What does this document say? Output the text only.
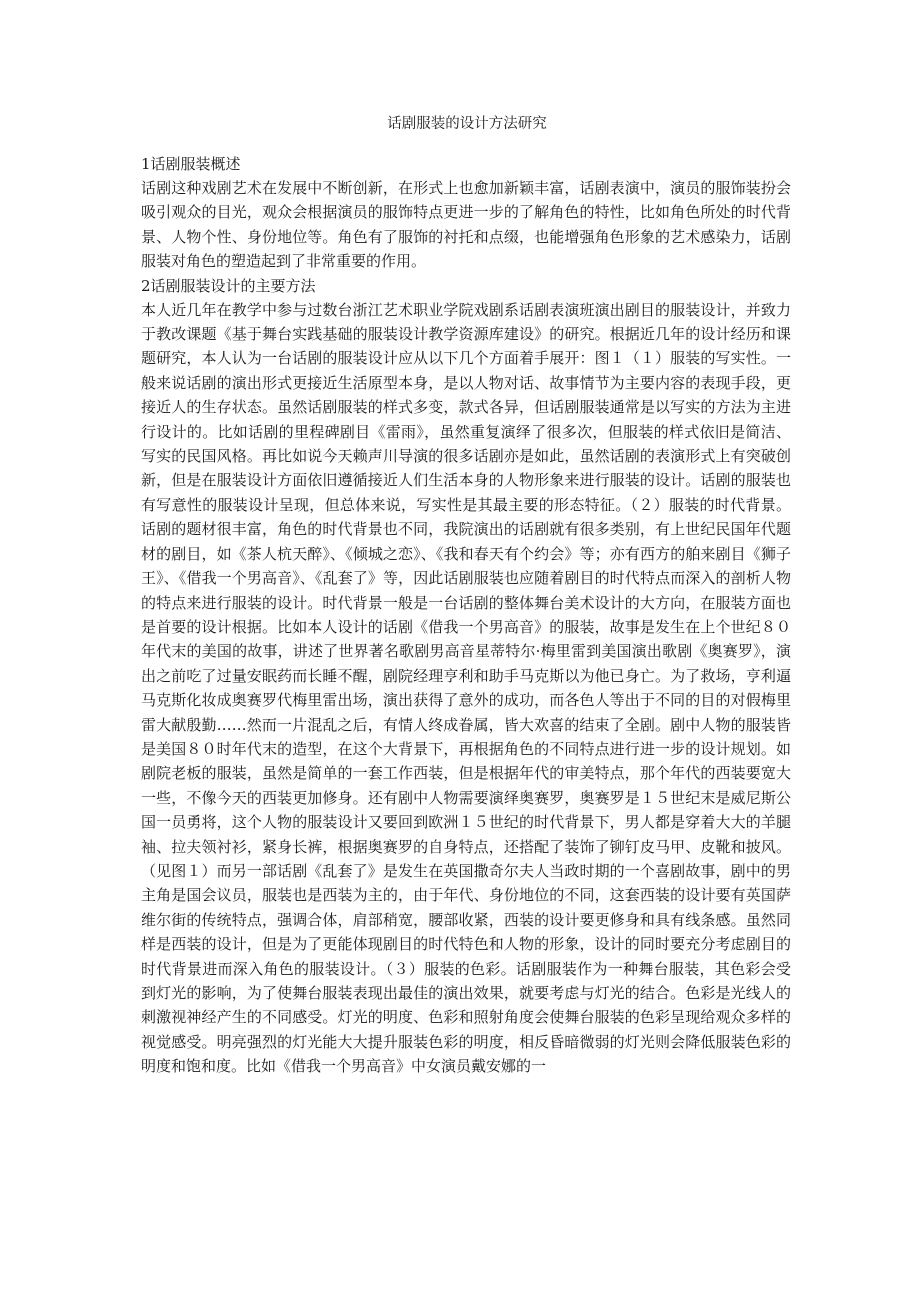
话剧服装的设计方法研究
1话剧服装概述

话剧这种戏剧艺术在发展中不断创新，在形式上也愈加新颖丰富，话剧表演中，演员的服饰装扮会吸引观众的目光，观众会根据演员的服饰特点更进一步的了解角色的特性，比如角色所处的时代背景、人物个性、身份地位等。角色有了服饰的衬托和点缀，也能增强角色形象的艺术感染力，话剧服装对角色的塑造起到了非常重要的作用。

2话剧服装设计的主要方法

本人近几年在教学中参与过数台浙江艺术职业学院戏剧系话剧表演班演出剧目的服装设计，并致力于教改课题《基于舞台实践基础的服装设计教学资源库建设》的研究。根据近几年的设计经历和课题研究，本人认为一台话剧的服装设计应从以下几个方面着手展开：图１（１）服装的写实性。一般来说话剧的演出形式更接近生活原型本身，是以人物对话、故事情节为主要内容的表现手段，更接近人的生存状态。虽然话剧服装的样式多变，款式各异，但话剧服装通常是以写实的方法为主进行设计的。比如话剧的里程碑剧目《雷雨》，虽然重复演绎了很多次，但服装的样式依旧是简洁、写实的民国风格。再比如说今天赖声川导演的很多话剧亦是如此，虽然话剧的表演形式上有突破创新，但是在服装设计方面依旧遵循接近人们生活本身的人物形象来进行服装的设计。话剧的服装也有写意性的服装设计呈现，但总体来说，写实性是其最主要的形态特征。（２）服装的时代背景。话剧的题材很丰富，角色的时代背景也不同，我院演出的话剧就有很多类别，有上世纪民国年代题材的剧目，如《茶人杭天醉》、《倾城之恋》、《我和春天有个约会》等；亦有西方的舶来剧目《狮子王》、《借我一个男高音》、《乱套了》等，因此话剧服装也应随着剧目的时代特点而深入的剖析人物的特点来进行服装的设计。时代背景一般是一台话剧的整体舞台美术设计的大方向，在服装方面也是首要的设计根据。比如本人设计的话剧《借我一个男高音》的服装，故事是发生在上个世纪８０年代末的美国的故事，讲述了世界著名歌剧男高音星蒂特尔·梅里雷到美国演出歌剧《奥赛罗》，演出之前吃了过量安眠药而长睡不醒，剧院经理亨利和助手马克斯以为他已身亡。为了救场，亨利逼马克斯化妆成奥赛罗代梅里雷出场，演出获得了意外的成功，而各色人等出于不同的目的对假梅里雷大献殷勤……然而一片混乱之后，有情人终成眷属，皆大欢喜的结束了全剧。剧中人物的服装皆是美国８０时年代末的造型，在这个大背景下，再根据角色的不同特点进行进一步的设计规划。如剧院老板的服装，虽然是简单的一套工作西装，但是根据年代的审美特点，那个年代的西装要宽大一些，不像今天的西装更加修身。还有剧中人物需要演绎奥赛罗，奥赛罗是１５世纪末是威尼斯公国一员勇将，这个人物的服装设计又要回到欧洲１５世纪的时代背景下，男人都是穿着大大的羊腿袖、拉夫领衬衫，紧身长裤，根据奥赛罗的自身特点，还搭配了装饰了铆钉皮马甲、皮靴和披风。（见图１）而另一部话剧《乱套了》是发生在英国撒奇尔夫人当政时期的一个喜剧故事，剧中的男主角是国会议员，服装也是西装为主的，由于年代、身份地位的不同，这套西装的设计要有英国萨维尔街的传统特点，强调合体，肩部稍宽，腰部收紧，西装的设计要更修身和具有线条感。虽然同样是西装的设计，但是为了更能体现剧目的时代特色和人物的形象，设计的同时要充分考虑剧目的时代背景进而深入角色的服装设计。（３）服装的色彩。话剧服装作为一种舞台服装，其色彩会受到灯光的影响，为了使舞台服装表现出最佳的演出效果，就要考虑与灯光的结合。色彩是光线人的刺激视神经产生的不同感受。灯光的明度、色彩和照射角度会使舞台服装的色彩呈现给观众多样的视觉感受。明亮强烈的灯光能大大提升服装色彩的明度，相反昏暗微弱的灯光则会降低服装色彩的明度和饱和度。比如《借我一个男高音》中女演员戴安娜的一
